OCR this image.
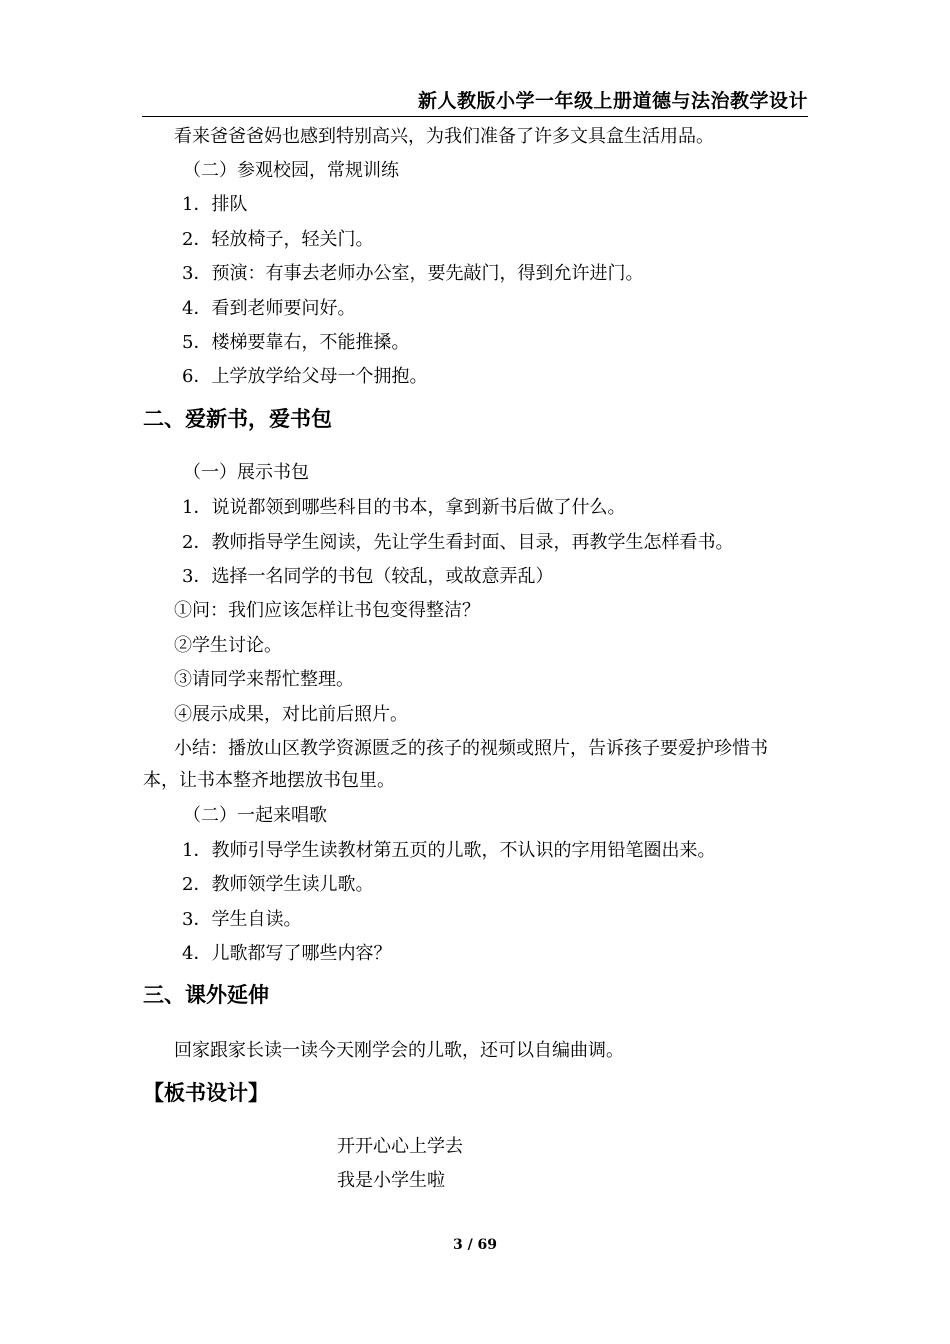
新人教版小学一年级上册道德与法治教学设计
看来爸爸爸妈也感到特别高兴，为我们准备了许多文具盒生活用品。
（二）参观校园，常规训练
1．排队
2．轻放椅子，轻关门。
3．预演：有事去老师办公室，要先敲门，得到允许进门。
4．看到老师要问好。
5．楼梯要靠右，不能推搡。
6．上学放学给父母一个拥抱。
二、爱新书，爱书包
（一）展示书包
1．说说都领到哪些科目的书本，拿到新书后做了什么。
2．教师指导学生阅读，先让学生看封面、目录，再教学生怎样看书。
3．选择一名同学的书包（较乱，或故意弄乱）
①问：我们应该怎样让书包变得整洁？
②学生讨论。
③请同学来帮忙整理。
④展示成果，对比前后照片。
小结：播放山区教学资源匮乏的孩子的视频或照片，告诉孩子要爱护珍惜书
本，让书本整齐地摆放书包里。
（二）一起来唱歌
1．教师引导学生读教材第五页的儿歌，不认识的字用铅笔圈出来。
2．教师领学生读儿歌。
3．学生自读。
4．儿歌都写了哪些内容？
三、课外延伸
回家跟家长读一读今天刚学会的儿歌，还可以自编曲调。
【板书设计】
开开心心上学去
我是小学生啦
3 / 69
